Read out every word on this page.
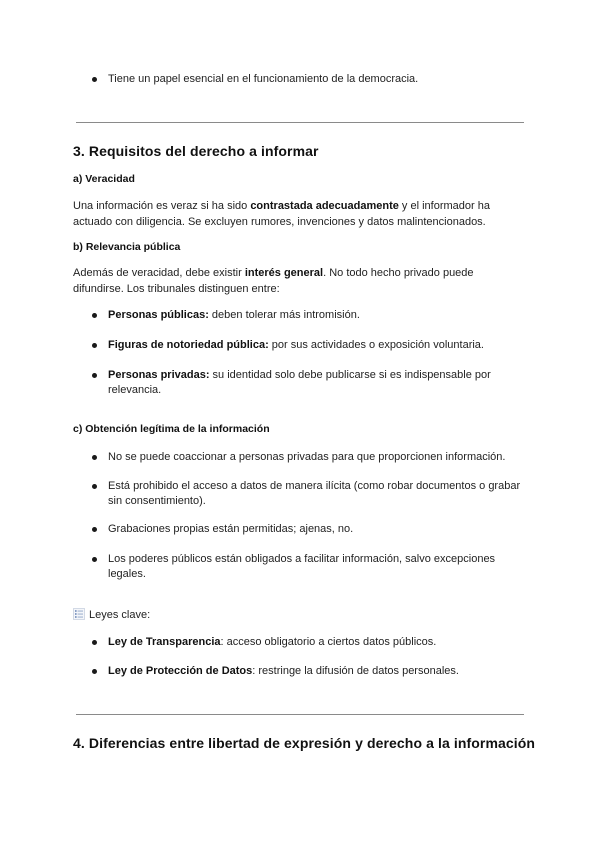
Tiene un papel esencial en el funcionamiento de la democracia.
3. Requisitos del derecho a informar
a) Veracidad

Una información es veraz si ha sido contrastada adecuadamente y el informador ha actuado con diligencia. Se excluyen rumores, invenciones y datos malintencionados.

b) Relevancia pública

Además de veracidad, debe existir interés general. No todo hecho privado puede difundirse. Los tribunales distinguen entre:

Personas públicas: deben tolerar más intromisión.
Figuras de notoriedad pública: por sus actividades o exposición voluntaria.
Personas privadas: su identidad solo debe publicarse si es indispensable por relevancia.
c) Obtención legítima de la información
No se puede coaccionar a personas privadas para que proporcionen información.
Está prohibido el acceso a datos de manera ilícita (como robar documentos o grabar sin consentimiento).
Grabaciones propias están permitidas; ajenas, no.
Los poderes públicos están obligados a facilitar información, salvo excepciones legales.
Leyes clave:
Ley de Transparencia: acceso obligatorio a ciertos datos públicos.
Ley de Protección de Datos: restringe la difusión de datos personales.
4. Diferencias entre libertad de expresión y derecho a la información
